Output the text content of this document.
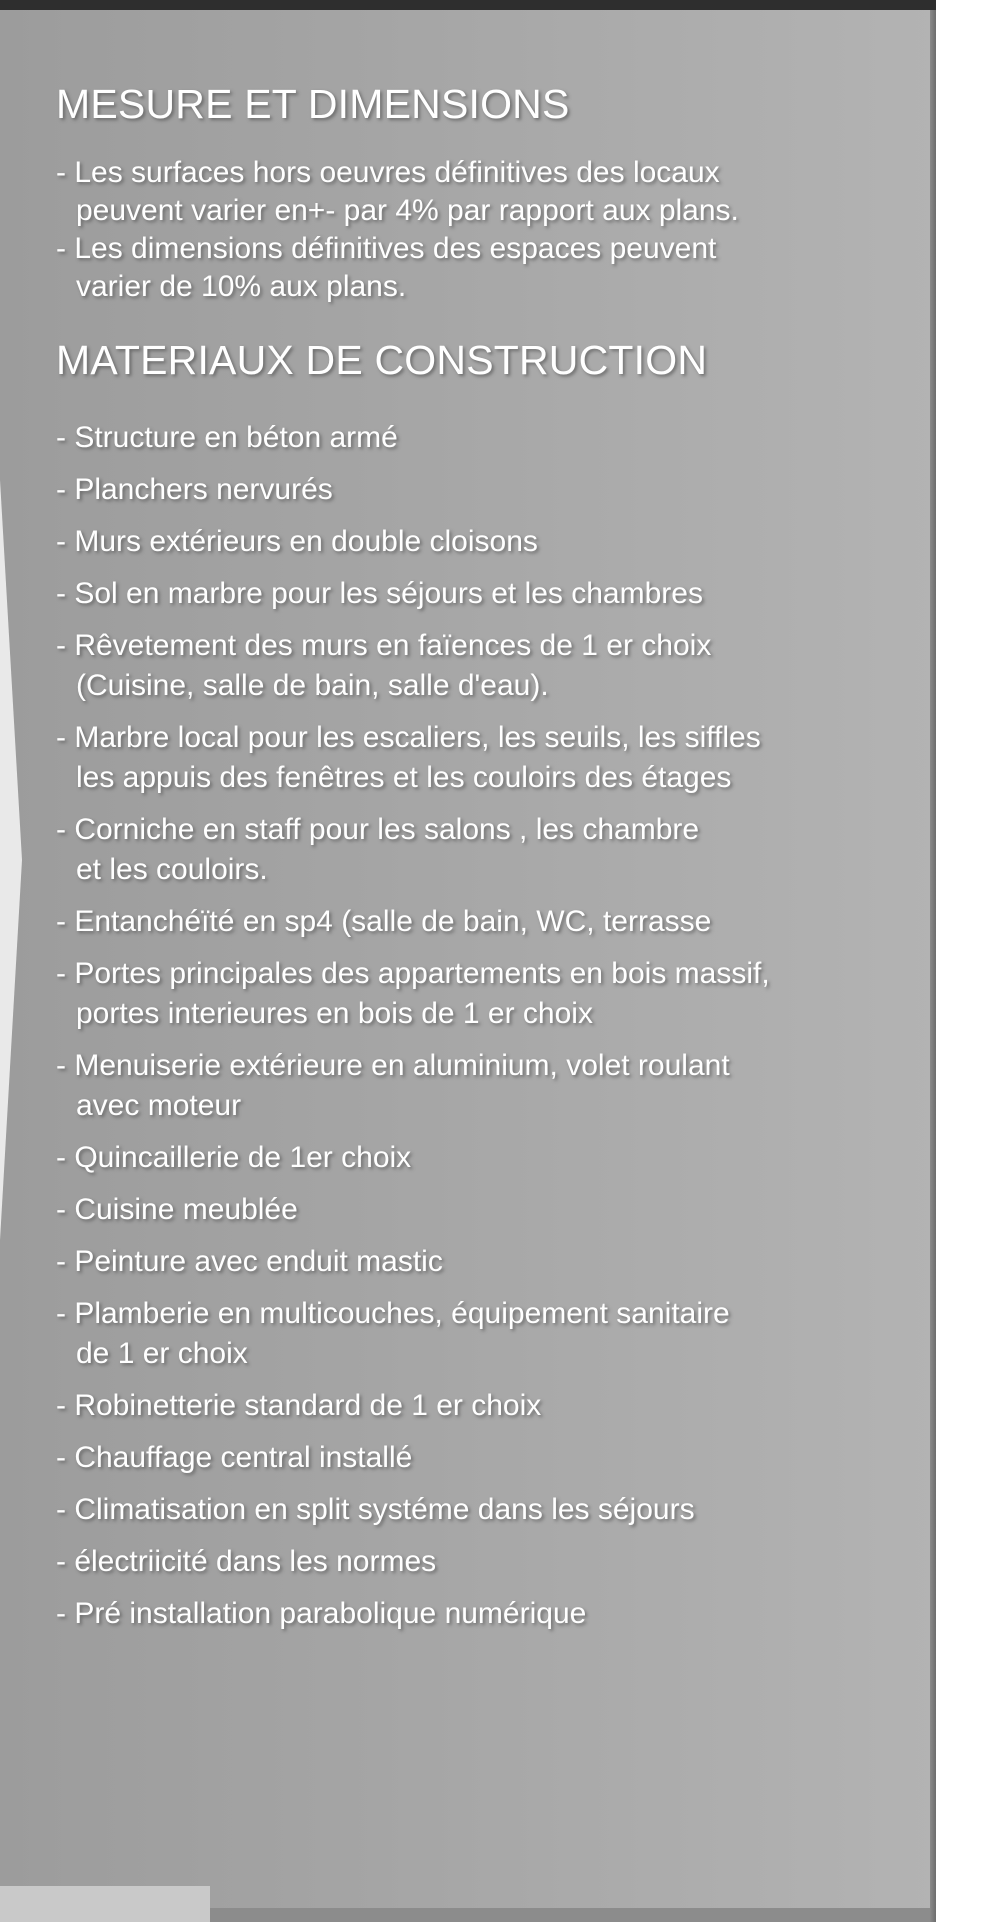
MESURE ET DIMENSIONS

- Les surfaces hors oeuvres définitives des locaux

peuvent varier en+- par 4% par rapport aux plans.

- Les dimensions définitives des espaces peuvent

varier de 10% aux plans.

MATERIAUX DE CONSTRUCTION
- Structure en béton armé
- Planchers nervurés
- Murs extérieurs en double cloisons
- Sol en marbre pour les séjours et les chambres
- Rêvetement des murs en faïences de 1 er choix
(Cuisine, salle de bain, salle d'eau).
- Marbre local pour les escaliers, les seuils, les siffles
les appuis des fenêtres et les couloirs des étages
- Corniche en staff pour les salons , les chambre
et les couloirs.
- Entanchéïté en sp4 (salle de bain, WC, terrasse
- Portes principales des appartements en bois massif,
portes interieures en bois de 1 er choix
- Menuiserie extérieure en aluminium, volet roulant
avec moteur
- Quincaillerie de 1er choix
- Cuisine meublée
- Peinture avec enduit mastic
- Plamberie en multicouches, équipement sanitaire
de 1 er choix
- Robinetterie standard de 1 er choix
- Chauffage central installé
- Climatisation en split systéme dans les séjours
- électriicité dans les normes
- Pré installation parabolique numérique
